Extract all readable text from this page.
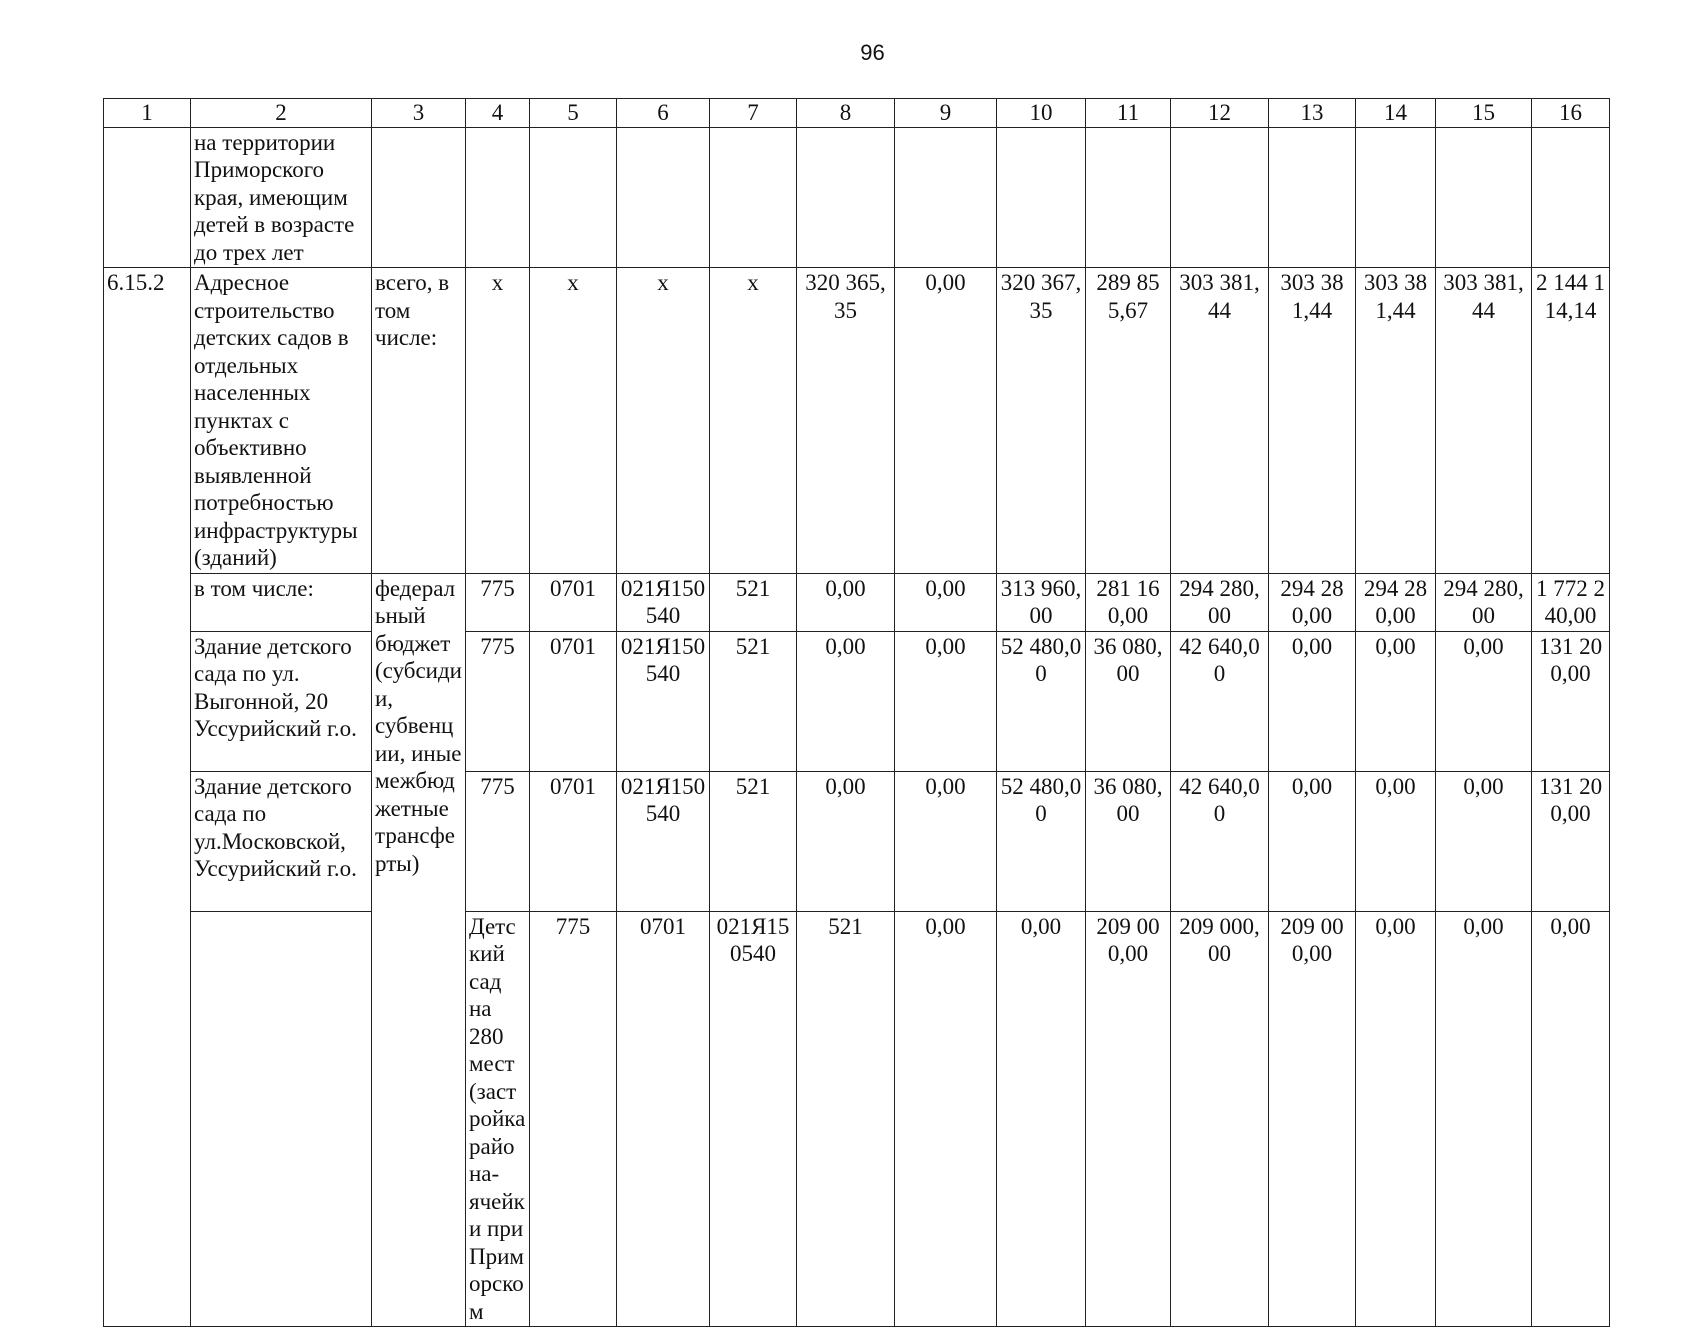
96
1	2	3	4	5	6	7	8	9	10	11	12	13	14	15	16	
	на территории Приморского края, имеющим детей в возрасте до трех лет															
6.15.2	Адресное строительство детских садов в отдельных населенных пунктах с объективно выявленной потребностью инфраструктуры (зданий)	всего, в том числе:	x	x	x	x	320 365,35	0,00	320 367,35	289 855,67	303 381,44	303 381,44	303 381,44	303 381,44	2 144 114,14	
	в том числе:	федеральный бюджет (субсидии, субвенции, иные межбюджетные трансферты)	775	0701	021Я150540	521	0,00	0,00	313 960,00	281 160,00	294 280,00	294 280,00	294 280,00	294 280,00	1 772 240,00	
	Здание детского сада по ул. Выгонной, 20 Уссурийский г.о.		775	0701	021Я150540	521	0,00	0,00	52 480,00	36 080,00	42 640,00	0,00	0,00	0,00	131 200,00	
	Здание детского сада по ул.Московской, Уссурийский г.о.		775	0701	021Я150540	521	0,00	0,00	52 480,00	36 080,00	42 640,00	0,00	0,00	0,00	131 200,00	
			Детский сад на 280 мест (застройка района-ячейки при Приморском	775	0701	021Я150540	521	0,00	0,00	209 000,00	209 000,00	209 000,00	0,00	0,00	0,00	
